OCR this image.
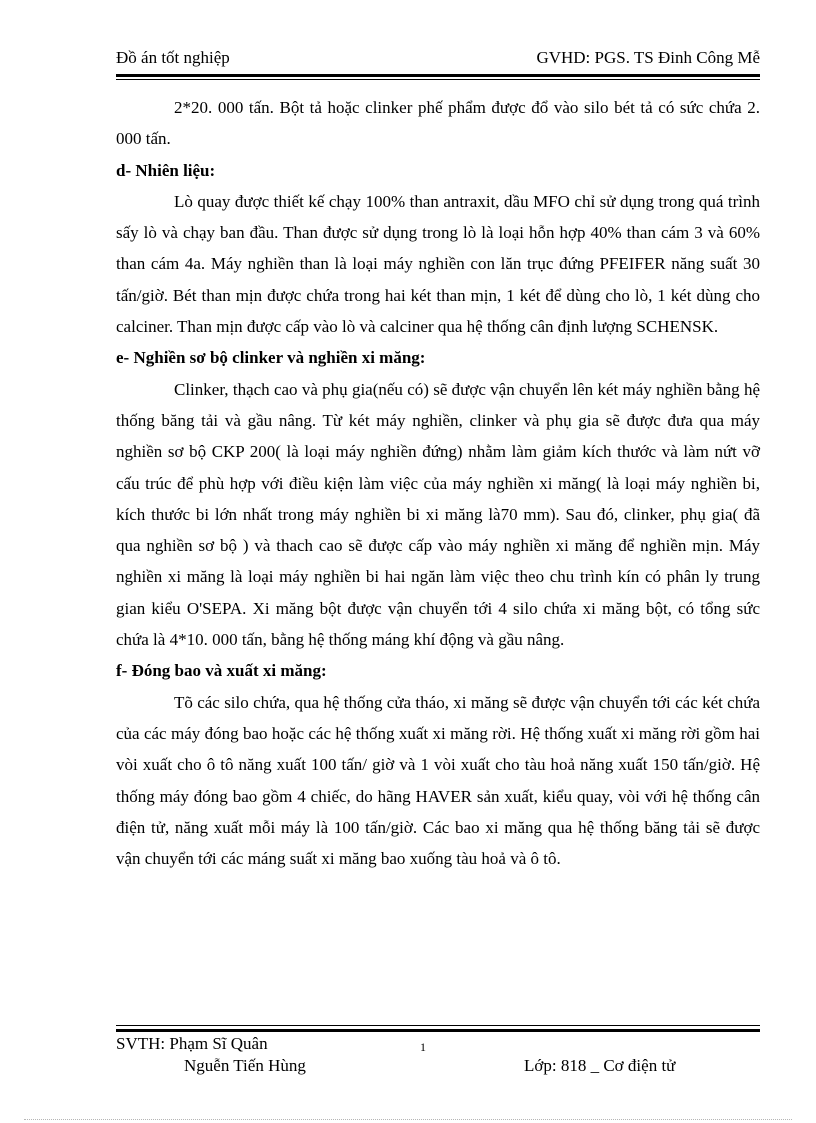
Đồ án tốt nghiệp	GVHD: PGS. TS Đinh Công Mễ

2*20. 000 tấn. Bột tả hoặc clinker phế phẩm được đổ vào silo bét tả có sức chứa 2. 000 tấn.

d- Nhiên liệu:

Lò quay được thiết kế chạy 100% than antraxit, dầu MFO chỉ sử dụng trong quá trình sấy lò và chạy ban đầu. Than được sử dụng trong lò là loại hỗn hợp 40% than cám 3 và 60% than cám 4a. Máy nghiền than là loại máy nghiền con lăn trục đứng PFEIFER năng suất 30 tấn/giờ. Bét than mịn được chứa trong hai két than mịn, 1 két để dùng cho lò, 1 két dùng cho calciner. Than mịn được cấp vào lò và calciner qua hệ thống cân định lượng SCHENSK.

e- Nghiền sơ bộ clinker và nghiền xi măng:

Clinker, thạch cao và phụ gia(nếu có) sẽ được vận chuyển lên két máy nghiền bằng hệ thống băng tải và gầu nâng. Từ két máy nghiền, clinker và phụ gia sẽ được đưa qua máy nghiền sơ bộ CKP 200( là loại máy nghiền đứng) nhằm làm giảm kích thước và làm nứt vỡ cấu trúc để phù hợp với điều kiện làm việc của máy nghiền xi măng( là loại máy nghiền bi, kích thước bi lớn nhất trong máy nghiền bi xi măng là70 mm). Sau đó, clinker, phụ gia( đã qua nghiền sơ bộ ) và thach cao sẽ được cấp vào máy nghiền xi măng để nghiền mịn. Máy nghiền xi măng là loại máy nghiền bi hai ngăn làm việc theo chu trình kín có phân ly trung gian kiểu O'SEPA. Xi măng bột được vận chuyển tới 4 silo chứa xi măng bột, có tổng sức chứa là 4*10. 000 tấn, bằng hệ thống máng khí động và gầu nâng.

f- Đóng bao và xuất xi măng:

Tõ các silo chứa, qua hệ thống cửa tháo, xi măng sẽ được vận chuyển tới các két chứa của các máy đóng bao hoặc các hệ thống xuất xi măng rời. Hệ thống xuất xi măng rời gồm hai vòi xuất cho ô tô năng xuất 100 tấn/ giờ và 1 vòi xuất cho tàu hoả năng xuất 150 tấn/giờ. Hệ thống máy đóng bao gồm 4 chiếc, do hãng HAVER sản xuất, kiểu quay, vòi với hệ thống cân điện tử, năng xuất mỗi máy là 100 tấn/giờ. Các bao xi măng qua hệ thống băng tải sẽ được vận chuyển tới các máng suất xi măng bao xuống tàu hoả và ô tô.

SVTH: Phạm Sĩ Quân
Nguễn Tiến Hùng
1
Lớp: 818 _ Cơ điện tử
